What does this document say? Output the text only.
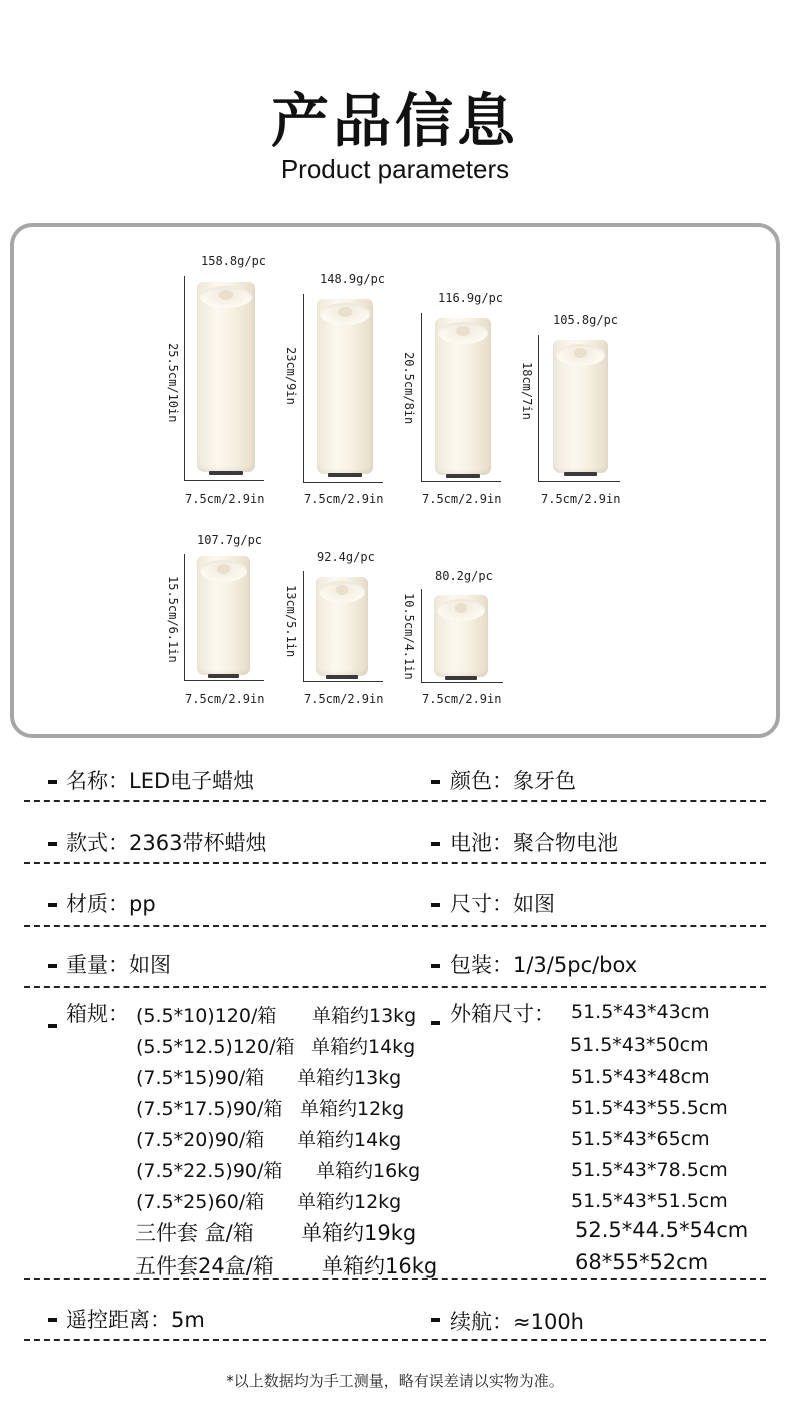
产品信息
Product parameters
158.8g/pc
25.5cm/10in
7.5cm/2.9in
148.9g/pc
23cm/9in
7.5cm/2.9in
116.9g/pc
20.5cm/8in
7.5cm/2.9in
105.8g/pc
18cm/7in
7.5cm/2.9in
107.7g/pc
15.5cm/6.1in
7.5cm/2.9in
92.4g/pc
13cm/5.1in
7.5cm/2.9in
80.2g/pc
10.5cm/4.1in
7.5cm/2.9in
名称：LED电子蜡烛	颜色：象牙色
款式：2363带杯蜡烛	电池：聚合物电池
材质：pp	尺寸：如图
重量：如图	包装：1/3/5pc/box
箱规：	外箱尺寸：
(5.5*10)120/箱 单箱约13kg	51.5*43*43cm
(5.5*12.5)120/箱 单箱约14kg	51.5*43*50cm
(7.5*15)90/箱 单箱约13kg	51.5*43*48cm
(7.5*17.5)90/箱 单箱约12kg	51.5*43*55.5cm
(7.5*20)90/箱 单箱约14kg	51.5*43*65cm
(7.5*22.5)90/箱 单箱约16kg	51.5*43*78.5cm
(7.5*25)60/箱 单箱约12kg	51.5*43*51.5cm
三件套 盒/箱 单箱约19kg	52.5*44.5*54cm
五件套24盒/箱 单箱约16kg	68*55*52cm
遥控距离：5m	续航：≈100h
*以上数据均为手工测量，略有误差请以实物为准。
